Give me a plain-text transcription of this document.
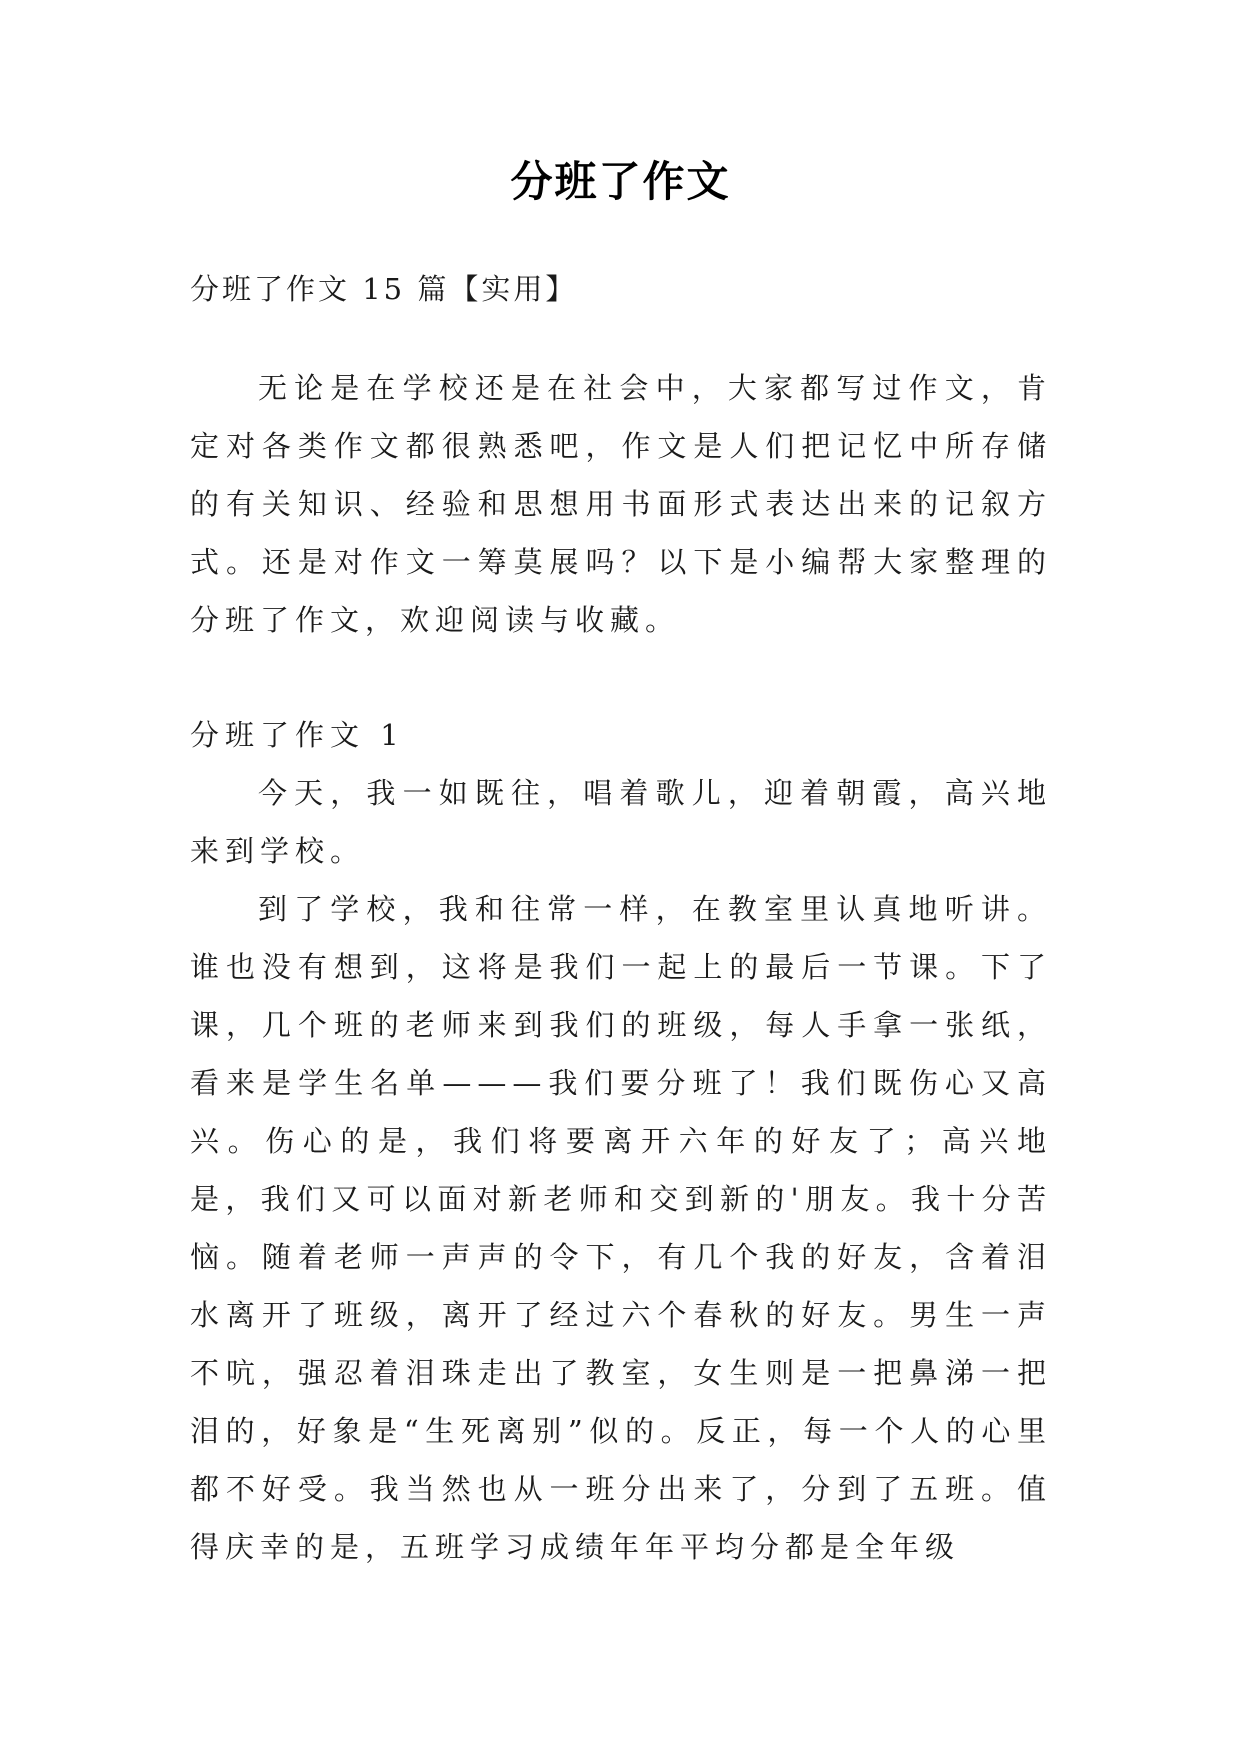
分班了作文
分班了作文 15 篇【实用】
无论是在学校还是在社会中，大家都写过作文，肯定对各类作文都很熟悉吧，作文是人们把记忆中所存储的有关知识、经验和思想用书面形式表达出来的记叙方式。还是对作文一筹莫展吗？以下是小编帮大家整理的分班了作文，欢迎阅读与收藏。
分班了作文 1
今天，我一如既往，唱着歌儿，迎着朝霞，高兴地来到学校。
到了学校，我和往常一样，在教室里认真地听讲。谁也没有想到，这将是我们一起上的最后一节课。下了课，几个班的老师来到我们的班级，每人手拿一张纸，看来是学生名单———我们要分班了！我们既伤心又高兴。伤心的是，我们将要离开六年的好友了；高兴地是，我们又可以面对新老师和交到新的'朋友。我十分苦恼。随着老师一声声的令下，有几个我的好友，含着泪水离开了班级，离开了经过六个春秋的好友。男生一声不吭，强忍着泪珠走出了教室，女生则是一把鼻涕一把泪的，好象是“生死离别”似的。反正，每一个人的心里都不好受。我当然也从一班分出来了，分到了五班。值得庆幸的是，五班学习成绩年年平均分都是全年级
